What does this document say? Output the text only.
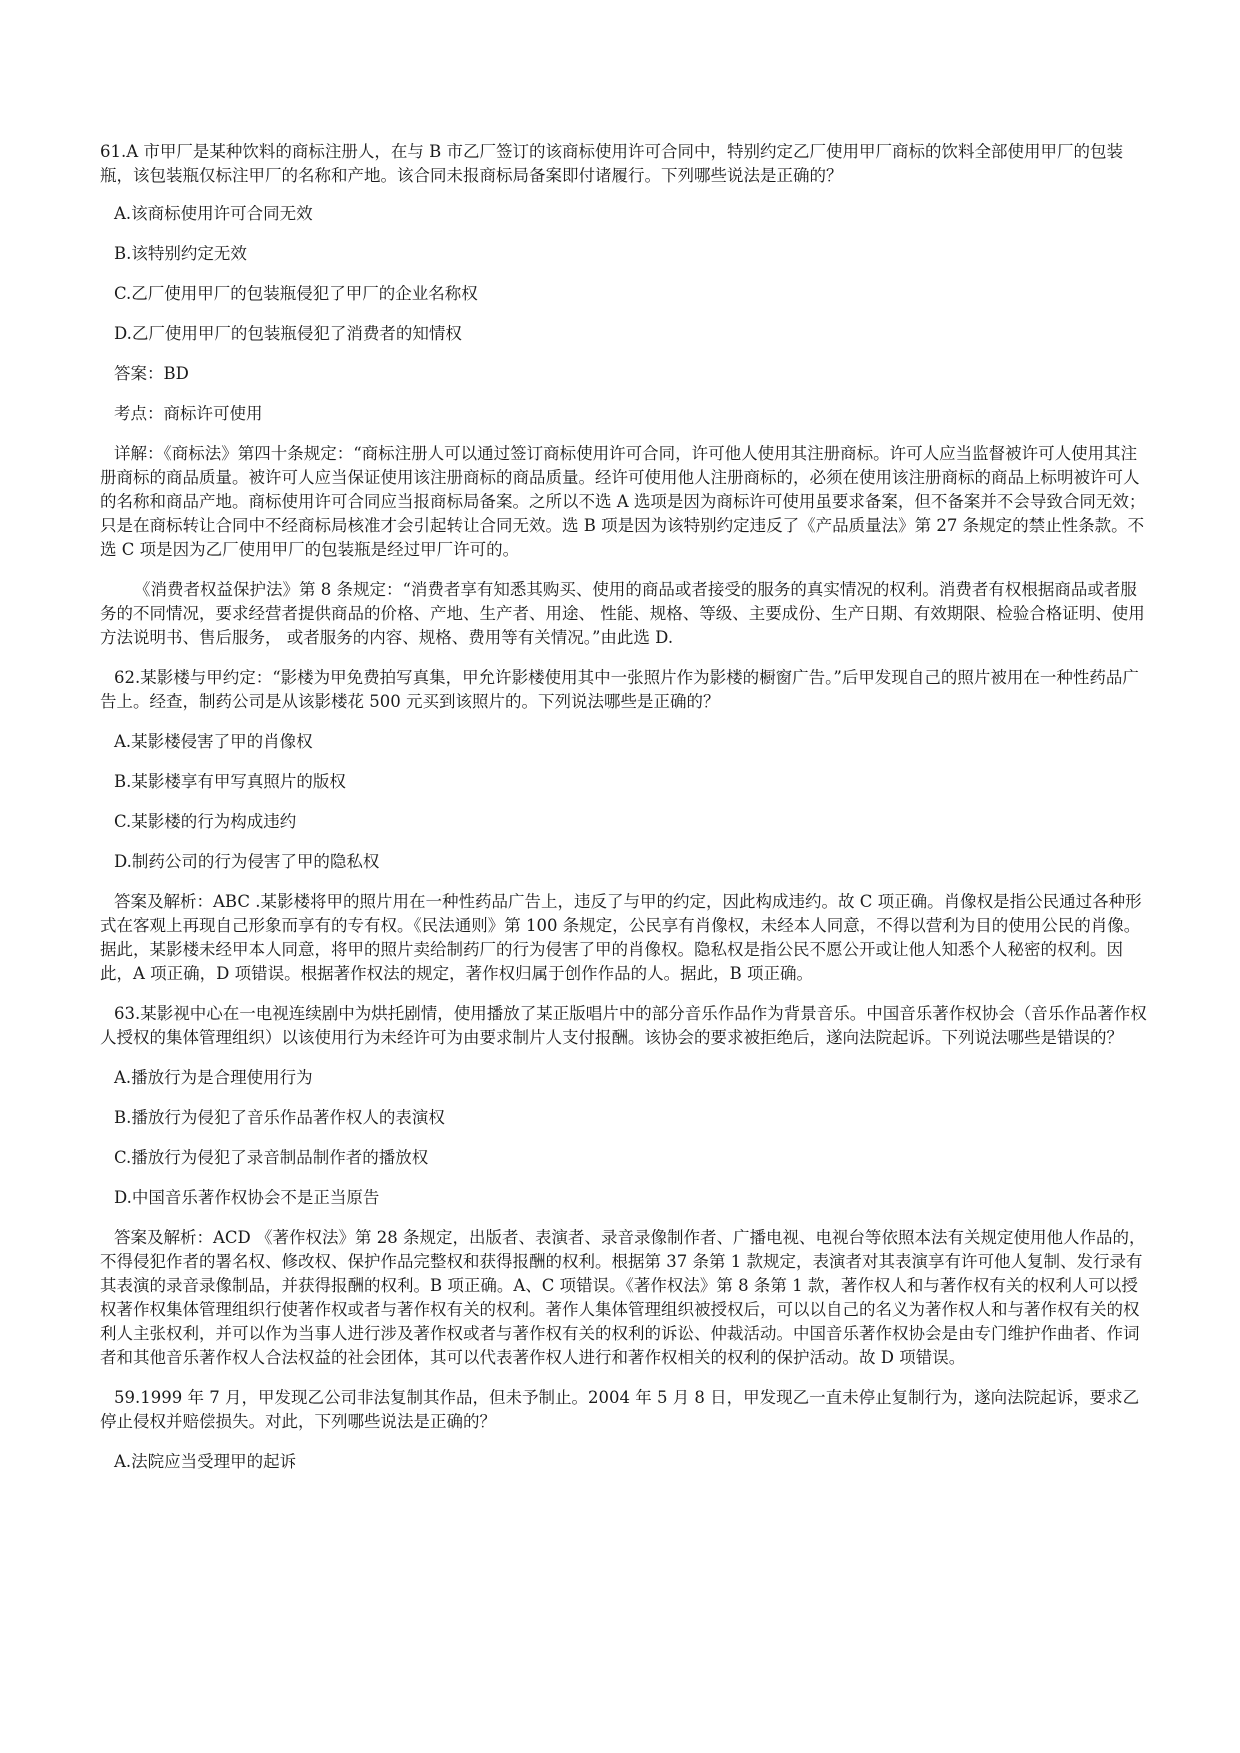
61.A 市甲厂是某种饮料的商标注册人，在与 B 市乙厂签订的该商标使用许可合同中，特别约定乙厂使用甲厂商标的饮料全部使用甲厂的包装瓶，该包装瓶仅标注甲厂的名称和产地。该合同未报商标局备案即付诸履行。下列哪些说法是正确的？

A.该商标使用许可合同无效

B.该特别约定无效

C.乙厂使用甲厂的包装瓶侵犯了甲厂的企业名称权

D.乙厂使用甲厂的包装瓶侵犯了消费者的知情权

答案：BD

考点：商标许可使用

详解：《商标法》第四十条规定：“商标注册人可以通过签订商标使用许可合同，许可他人使用其注册商标。许可人应当监督被许可人使用其注册商标的商品质量。被许可人应当保证使用该注册商标的商品质量。经许可使用他人注册商标的，必须在使用该注册商标的商品上标明被许可人的名称和商品产地。商标使用许可合同应当报商标局备案。之所以不选 A 选项是因为商标许可使用虽要求备案，但不备案并不会导致合同无效；只是在商标转让合同中不经商标局核准才会引起转让合同无效。选 B 项是因为该特别约定违反了《产品质量法》第 27 条规定的禁止性条款。不选 C 项是因为乙厂使用甲厂的包装瓶是经过甲厂许可的。

《消费者权益保护法》第 8 条规定：“消费者享有知悉其购买、使用的商品或者接受的服务的真实情况的权利。消费者有权根据商品或者服务的不同情况，要求经营者提供商品的价格、产地、生产者、用途、 性能、规格、等级、主要成份、生产日期、有效期限、检验合格证明、使用方法说明书、售后服务， 或者服务的内容、规格、费用等有关情况。”由此选 D.

62.某影楼与甲约定：“影楼为甲免费拍写真集，甲允许影楼使用其中一张照片作为影楼的橱窗广告。”后甲发现自己的照片被用在一种性药品广告上。经查，制药公司是从该影楼花 500 元买到该照片的。下列说法哪些是正确的？

A.某影楼侵害了甲的肖像权

B.某影楼享有甲写真照片的版权

C.某影楼的行为构成违约

D.制药公司的行为侵害了甲的隐私权

答案及解析：ABC .某影楼将甲的照片用在一种性药品广告上，违反了与甲的约定，因此构成违约。故 C 项正确。肖像权是指公民通过各种形式在客观上再现自己形象而享有的专有权。《民法通则》第 100 条规定，公民享有肖像权，未经本人同意，不得以营利为目的使用公民的肖像。据此，某影楼未经甲本人同意，将甲的照片卖给制药厂的行为侵害了甲的肖像权。隐私权是指公民不愿公开或让他人知悉个人秘密的权利。因此，A 项正确，D 项错误。根据著作权法的规定，著作权归属于创作作品的人。据此，B 项正确。

63.某影视中心在一电视连续剧中为烘托剧情，使用播放了某正版唱片中的部分音乐作品作为背景音乐。中国音乐著作权协会（音乐作品著作权人授权的集体管理组织）以该使用行为未经许可为由要求制片人支付报酬。该协会的要求被拒绝后，遂向法院起诉。下列说法哪些是错误的？

A.播放行为是合理使用行为

B.播放行为侵犯了音乐作品著作权人的表演权

C.播放行为侵犯了录音制品制作者的播放权

D.中国音乐著作权协会不是正当原告

答案及解析：ACD 《著作权法》第 28 条规定，出版者、表演者、录音录像制作者、广播电视、电视台等依照本法有关规定使用他人作品的，不得侵犯作者的署名权、修改权、保护作品完整权和获得报酬的权利。根据第 37 条第 1 款规定，表演者对其表演享有许可他人复制、发行录有其表演的录音录像制品，并获得报酬的权利。B 项正确。A、C 项错误。《著作权法》第 8 条第 1 款，著作权人和与著作权有关的权利人可以授权著作权集体管理组织行使著作权或者与著作权有关的权利。著作人集体管理组织被授权后，可以以自己的名义为著作权人和与著作权有关的权利人主张权利，并可以作为当事人进行涉及著作权或者与著作权有关的权利的诉讼、仲裁活动。中国音乐著作权协会是由专门维护作曲者、作词者和其他音乐著作权人合法权益的社会团体，其可以代表著作权人进行和著作权相关的权利的保护活动。故 D 项错误。

59.1999 年 7 月，甲发现乙公司非法复制其作品，但未予制止。2004 年 5 月 8 日，甲发现乙一直未停止复制行为，遂向法院起诉，要求乙停止侵权并赔偿损失。对此，下列哪些说法是正确的？

A.法院应当受理甲的起诉
